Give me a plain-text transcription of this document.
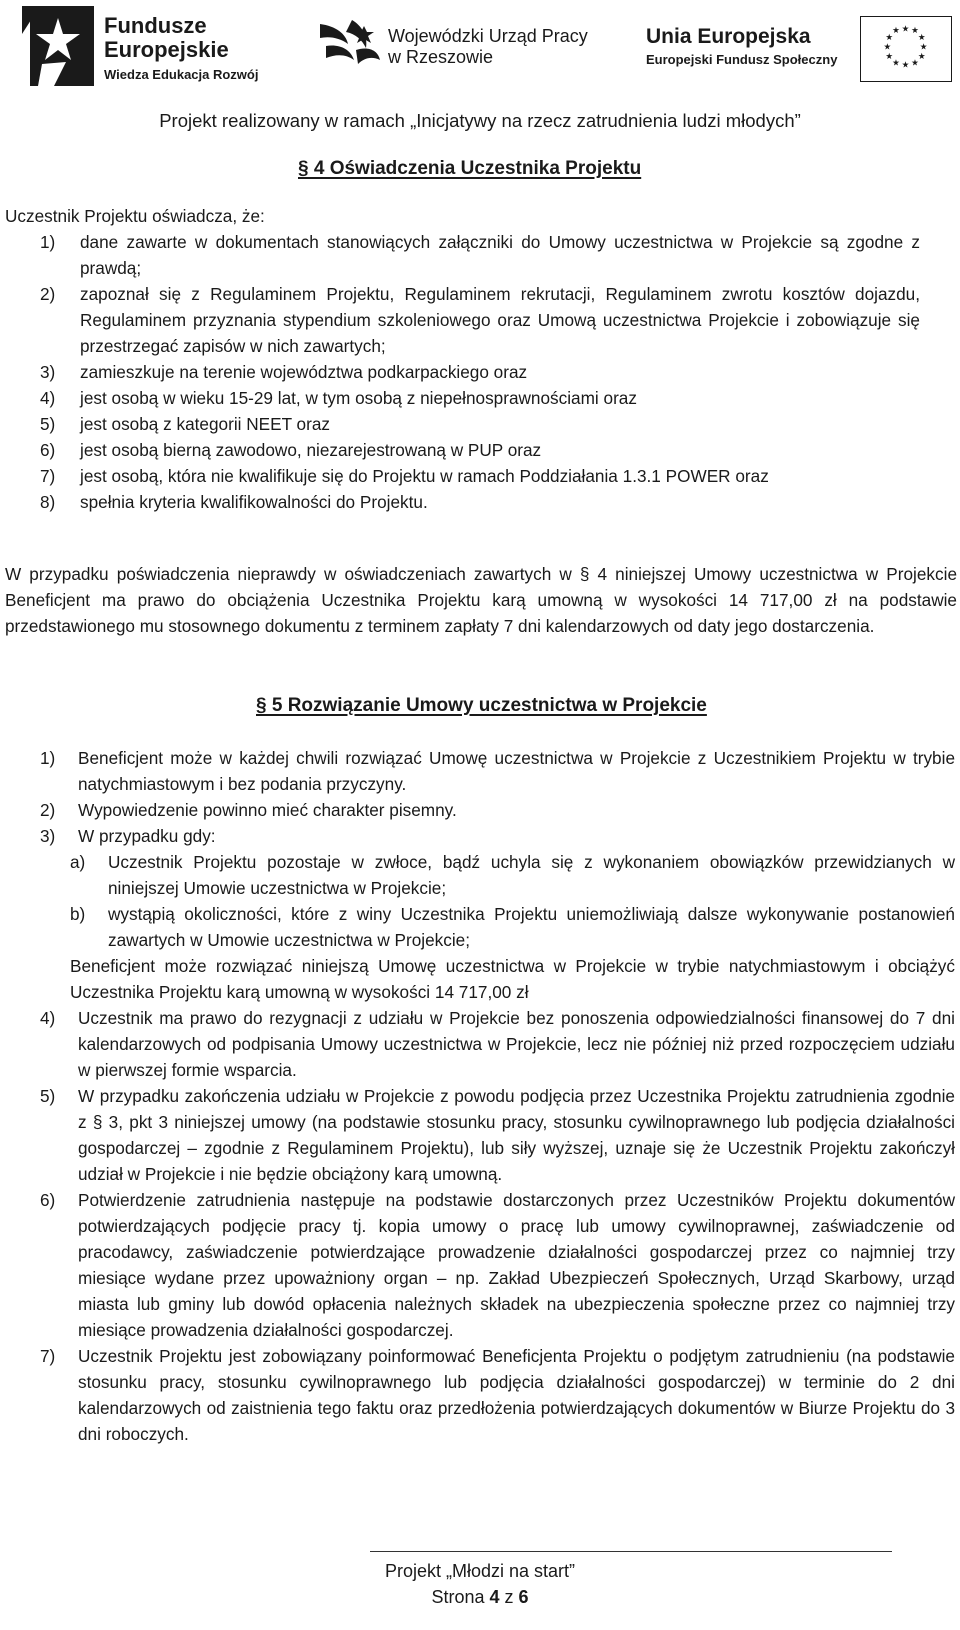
Fundusze
Europejskie
Wiedza Edukacja Rozwój
Wojewódzki Urząd Pracy
w Rzeszowie
Unia Europejska
Europejski Fundusz Społeczny
★ ★
★
★
★
★
★
★
★
★
★
★
Projekt realizowany w ramach „Inicjatywy na rzecz zatrudnienia ludzi młodych”
§ 4 Oświadczenia Uczestnika Projektu
Uczestnik Projektu oświadcza, że:
1) dane zawarte w dokumentach stanowiących załączniki do Umowy uczestnictwa w Projekcie są zgodne z prawdą;
2) zapoznał się z Regulaminem Projektu, Regulaminem rekrutacji, Regulaminem zwrotu kosztów dojazdu, Regulaminem przyznania stypendium szkoleniowego oraz Umową uczestnictwa Projekcie i zobowiązuje się przestrzegać zapisów w nich zawartych;
3) zamieszkuje na terenie województwa podkarpackiego oraz
4) jest osobą w wieku 15-29 lat, w tym osobą z niepełnosprawnościami oraz
5) jest osobą z kategorii NEET oraz
6) jest osobą bierną zawodowo, niezarejestrowaną w PUP oraz
7) jest osobą, która nie kwalifikuje się do Projektu w ramach Poddziałania 1.3.1 POWER oraz
8) spełnia kryteria kwalifikowalności do Projektu.
W przypadku poświadczenia nieprawdy w oświadczeniach zawartych w § 4 niniejszej Umowy uczestnictwa w Projekcie Beneficjent ma prawo do obciążenia Uczestnika Projektu karą umowną w wysokości 14 717,00 zł na podstawie przedstawionego mu stosownego dokumentu z terminem zapłaty 7 dni kalendarzowych od daty jego dostarczenia.
§ 5 Rozwiązanie Umowy uczestnictwa w Projekcie
1) Beneficjent może w każdej chwili rozwiązać Umowę uczestnictwa w Projekcie z Uczestnikiem Projektu w trybie natychmiastowym i bez podania przyczyny.
2) Wypowiedzenie powinno mieć charakter pisemny.
3) W przypadku gdy:
a) Uczestnik Projektu pozostaje w zwłoce, bądź uchyla się z wykonaniem obowiązków przewidzianych w niniejszej Umowie uczestnictwa w Projekcie;
b) wystąpią okoliczności, które z winy Uczestnika Projektu uniemożliwiają dalsze wykonywanie postanowień zawartych w Umowie uczestnictwa w Projekcie;
Beneficjent może rozwiązać niniejszą Umowę uczestnictwa w Projekcie w trybie natychmiastowym i obciążyć Uczestnika Projektu karą umowną w wysokości 14 717,00 zł
4) Uczestnik ma prawo do rezygnacji z udziału w Projekcie bez ponoszenia odpowiedzialności finansowej do 7 dni kalendarzowych od podpisania Umowy uczestnictwa w Projekcie, lecz nie później niż przed rozpoczęciem udziału w pierwszej formie wsparcia.
5) W przypadku zakończenia udziału w Projekcie z powodu podjęcia przez Uczestnika Projektu zatrudnienia zgodnie z § 3, pkt 3 niniejszej umowy (na podstawie stosunku pracy, stosunku cywilnoprawnego lub podjęcia działalności gospodarczej – zgodnie z Regulaminem Projektu), lub siły wyższej, uznaje się że Uczestnik Projektu zakończył udział w Projekcie i nie będzie obciążony karą umowną.
6) Potwierdzenie zatrudnienia następuje na podstawie dostarczonych przez Uczestników Projektu dokumentów potwierdzających podjęcie pracy tj. kopia umowy o pracę lub umowy cywilnoprawnej, zaświadczenie od pracodawcy, zaświadczenie potwierdzające prowadzenie działalności gospodarczej przez co najmniej trzy miesiące wydane przez upoważniony organ – np. Zakład Ubezpieczeń Społecznych, Urząd Skarbowy, urząd miasta lub gminy lub dowód opłacenia należnych składek na ubezpieczenia społeczne przez co najmniej trzy miesiące prowadzenia działalności gospodarczej.
7) Uczestnik Projektu jest zobowiązany poinformować Beneficjenta Projektu o podjętym zatrudnieniu (na podstawie stosunku pracy, stosunku cywilnoprawnego lub podjęcia działalności gospodarczej) w terminie do 2 dni kalendarzowych od zaistnienia tego faktu oraz przedłożenia potwierdzających dokumentów w Biurze Projektu do 3 dni roboczych.
Projekt „Młodzi na start”
Strona 4 z 6
